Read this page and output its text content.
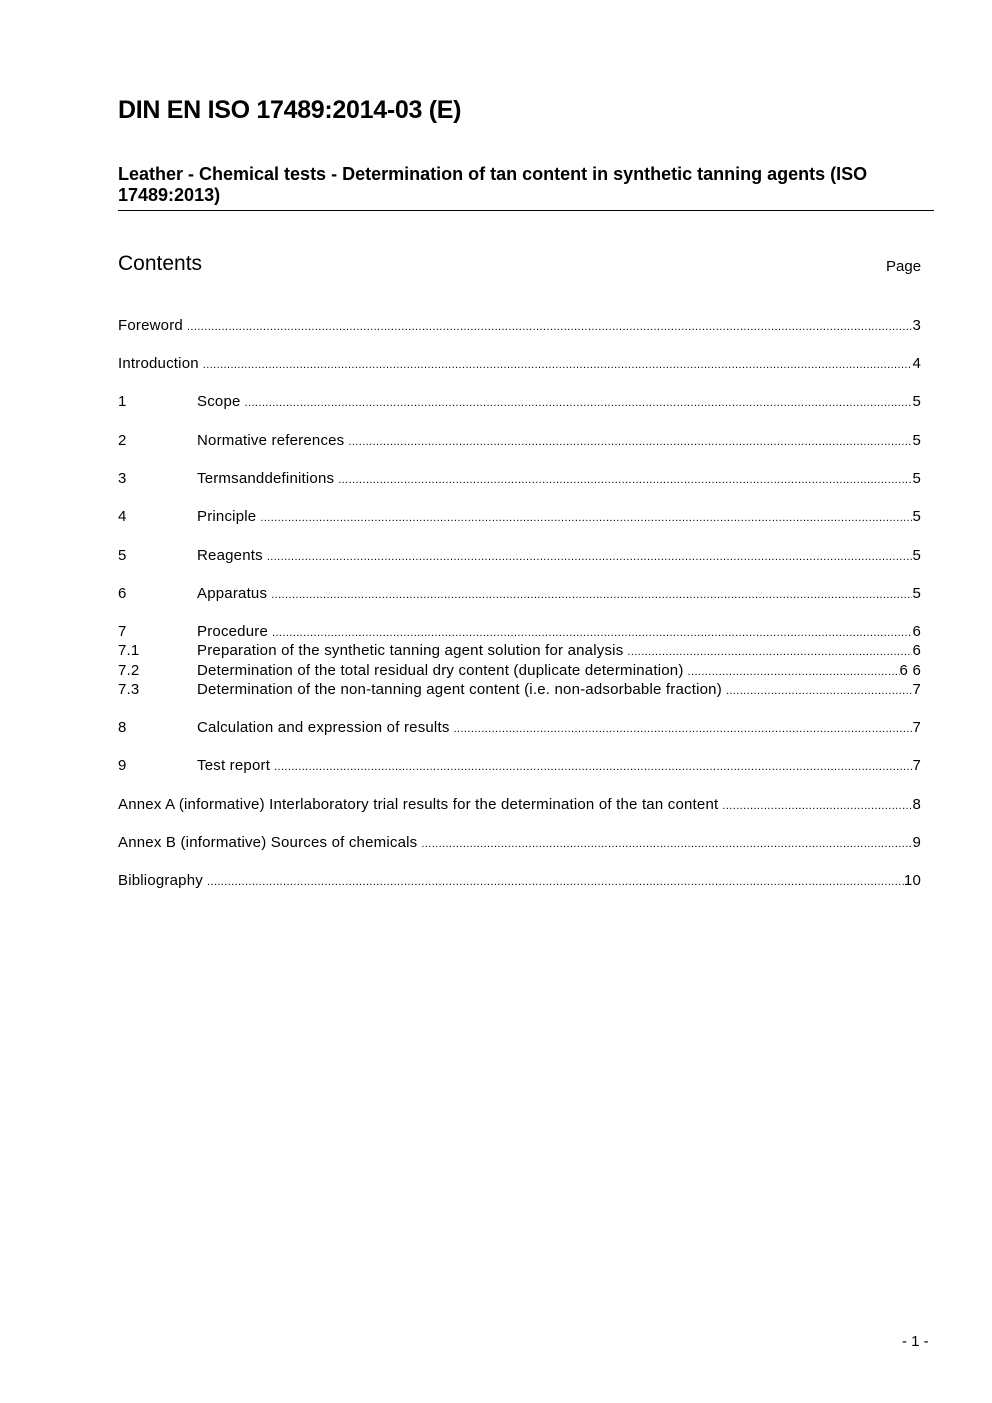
DIN EN ISO 17489:2014-03 (E)
Leather - Chemical tests - Determination of tan content in synthetic tanning agents (ISO 17489:2013)
Contents	Page
Foreword .....	3
Introduction .....	4
1	Scope .....	5
2	Normative references .....	5
3	Termsanddefinitions .....	5
4	Principle .....	5
5	Reagents .....	5
6	Apparatus .....	5
7	Procedure .....	6
7.1	Preparation of the synthetic tanning agent solution for analysis .....	6
7.2	Determination of the total residual dry content (duplicate determination) .....	6 6
7.3	Determination of the non-tanning agent content (i.e. non-adsorbable fraction) .....	7
8	Calculation and expression of results .....	7
9	Test report .....	7
Annex A (informative) Interlaboratory trial results for the determination of the tan content .....	8
Annex B (informative) Sources of chemicals .....	9
Bibliography .....	10
- 1 -
